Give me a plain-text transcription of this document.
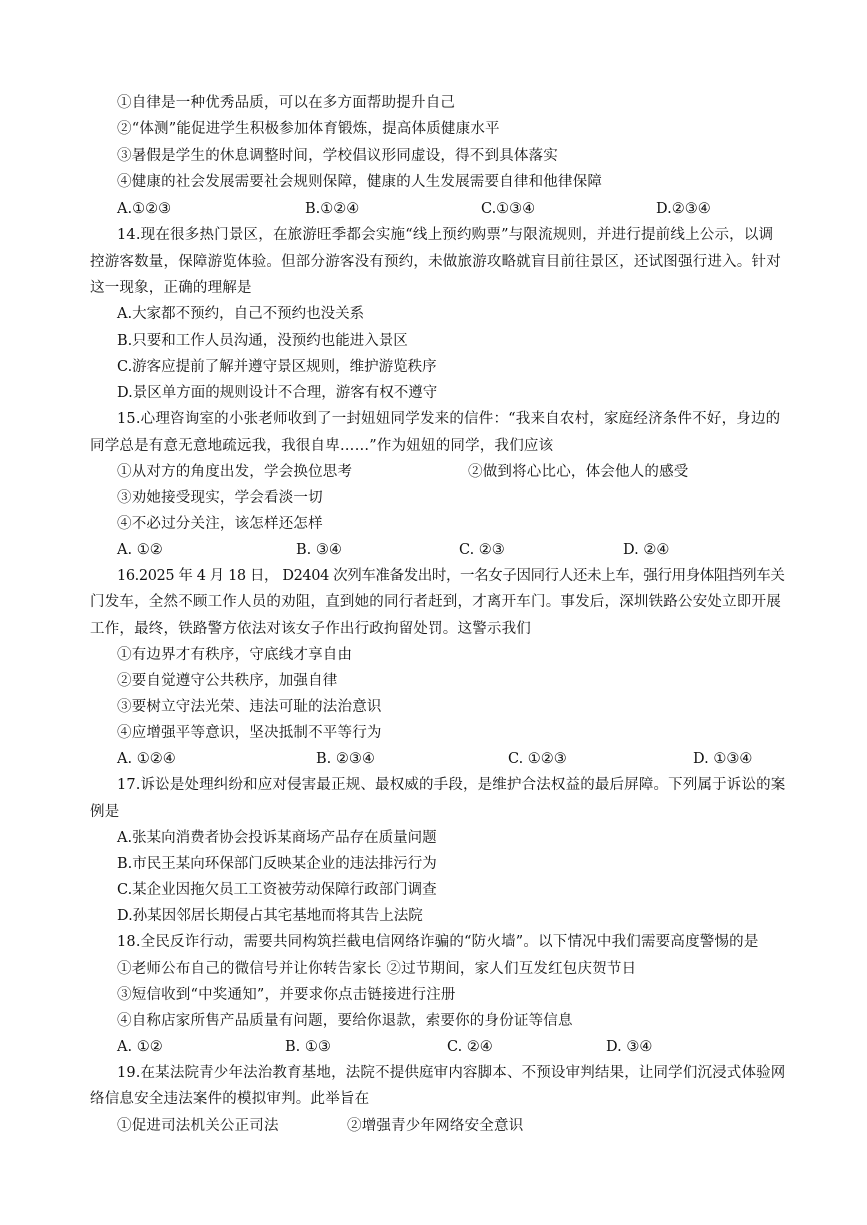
①自律是一种优秀品质，可以在多方面帮助提升自己
②“体测”能促进学生积极参加体育锻炼，提高体质健康水平
③暑假是学生的休息调整时间，学校倡议形同虚设，得不到具体落实
④健康的社会发展需要社会规则保障，健康的人生发展需要自律和他律保障
A.①②③	B.①②④	C.①③④	D.②③④
14.现在很多热门景区，在旅游旺季都会实施“线上预约购票”与限流规则，并进行提前线上公示，以调
控游客数量，保障游览体验。但部分游客没有预约，未做旅游攻略就盲目前往景区，还试图强行进入。针对
这一现象，正确的理解是
A.大家都不预约，自己不预约也没关系
B.只要和工作人员沟通，没预约也能进入景区
C.游客应提前了解并遵守景区规则，维护游览秩序
D.景区单方面的规则设计不合理，游客有权不遵守
15.心理咨询室的小张老师收到了一封妞妞同学发来的信件：“我来自农村，家庭经济条件不好，身边的
同学总是有意无意地疏远我，我很自卑……”作为妞妞的同学，我们应该
①从对方的角度出发，学会换位思考	②做到将心比心，体会他人的感受
③劝她接受现实，学会看淡一切
④不必过分关注，该怎样还怎样
A. ①②	B. ③④	C. ②③	D. ②④
16.2025 年 4 月 18 日， D2404 次列车准备发出时，一名女子因同行人还未上车，强行用身体阻挡列车关
门发车，全然不顾工作人员的劝阻，直到她的同行者赶到，才离开车门。事发后，深圳铁路公安处立即开展
工作，最终，铁路警方依法对该女子作出行政拘留处罚。这警示我们
①有边界才有秩序，守底线才享自由
②要自觉遵守公共秩序，加强自律
③要树立守法光荣、违法可耻的法治意识
④应增强平等意识，坚决抵制不平等行为
A. ①②④	B. ②③④	C. ①②③	D. ①③④
17.诉讼是处理纠纷和应对侵害最正规、最权威的手段，是维护合法权益的最后屏障。下列属于诉讼的案
例是
A.张某向消费者协会投诉某商场产品存在质量问题
B.市民王某向环保部门反映某企业的违法排污行为
C.某企业因拖欠员工工资被劳动保障行政部门调查
D.孙某因邻居长期侵占其宅基地而将其告上法院
18.全民反诈行动，需要共同构筑拦截电信网络诈骗的“防火墙”。以下情况中我们需要高度警惕的是
①老师公布自己的微信号并让你转告家长 ②过节期间，家人们互发红包庆贺节日
③短信收到“中奖通知”，并要求你点击链接进行注册
④自称店家所售产品质量有问题，要给你退款，索要你的身份证等信息
A. ①②	B. ①③	C. ②④	D. ③④
19.在某法院青少年法治教育基地，法院不提供庭审内容脚本、不预设审判结果，让同学们沉浸式体验网
络信息安全违法案件的模拟审判。此举旨在
①促进司法机关公正司法	②增强青少年网络安全意识
